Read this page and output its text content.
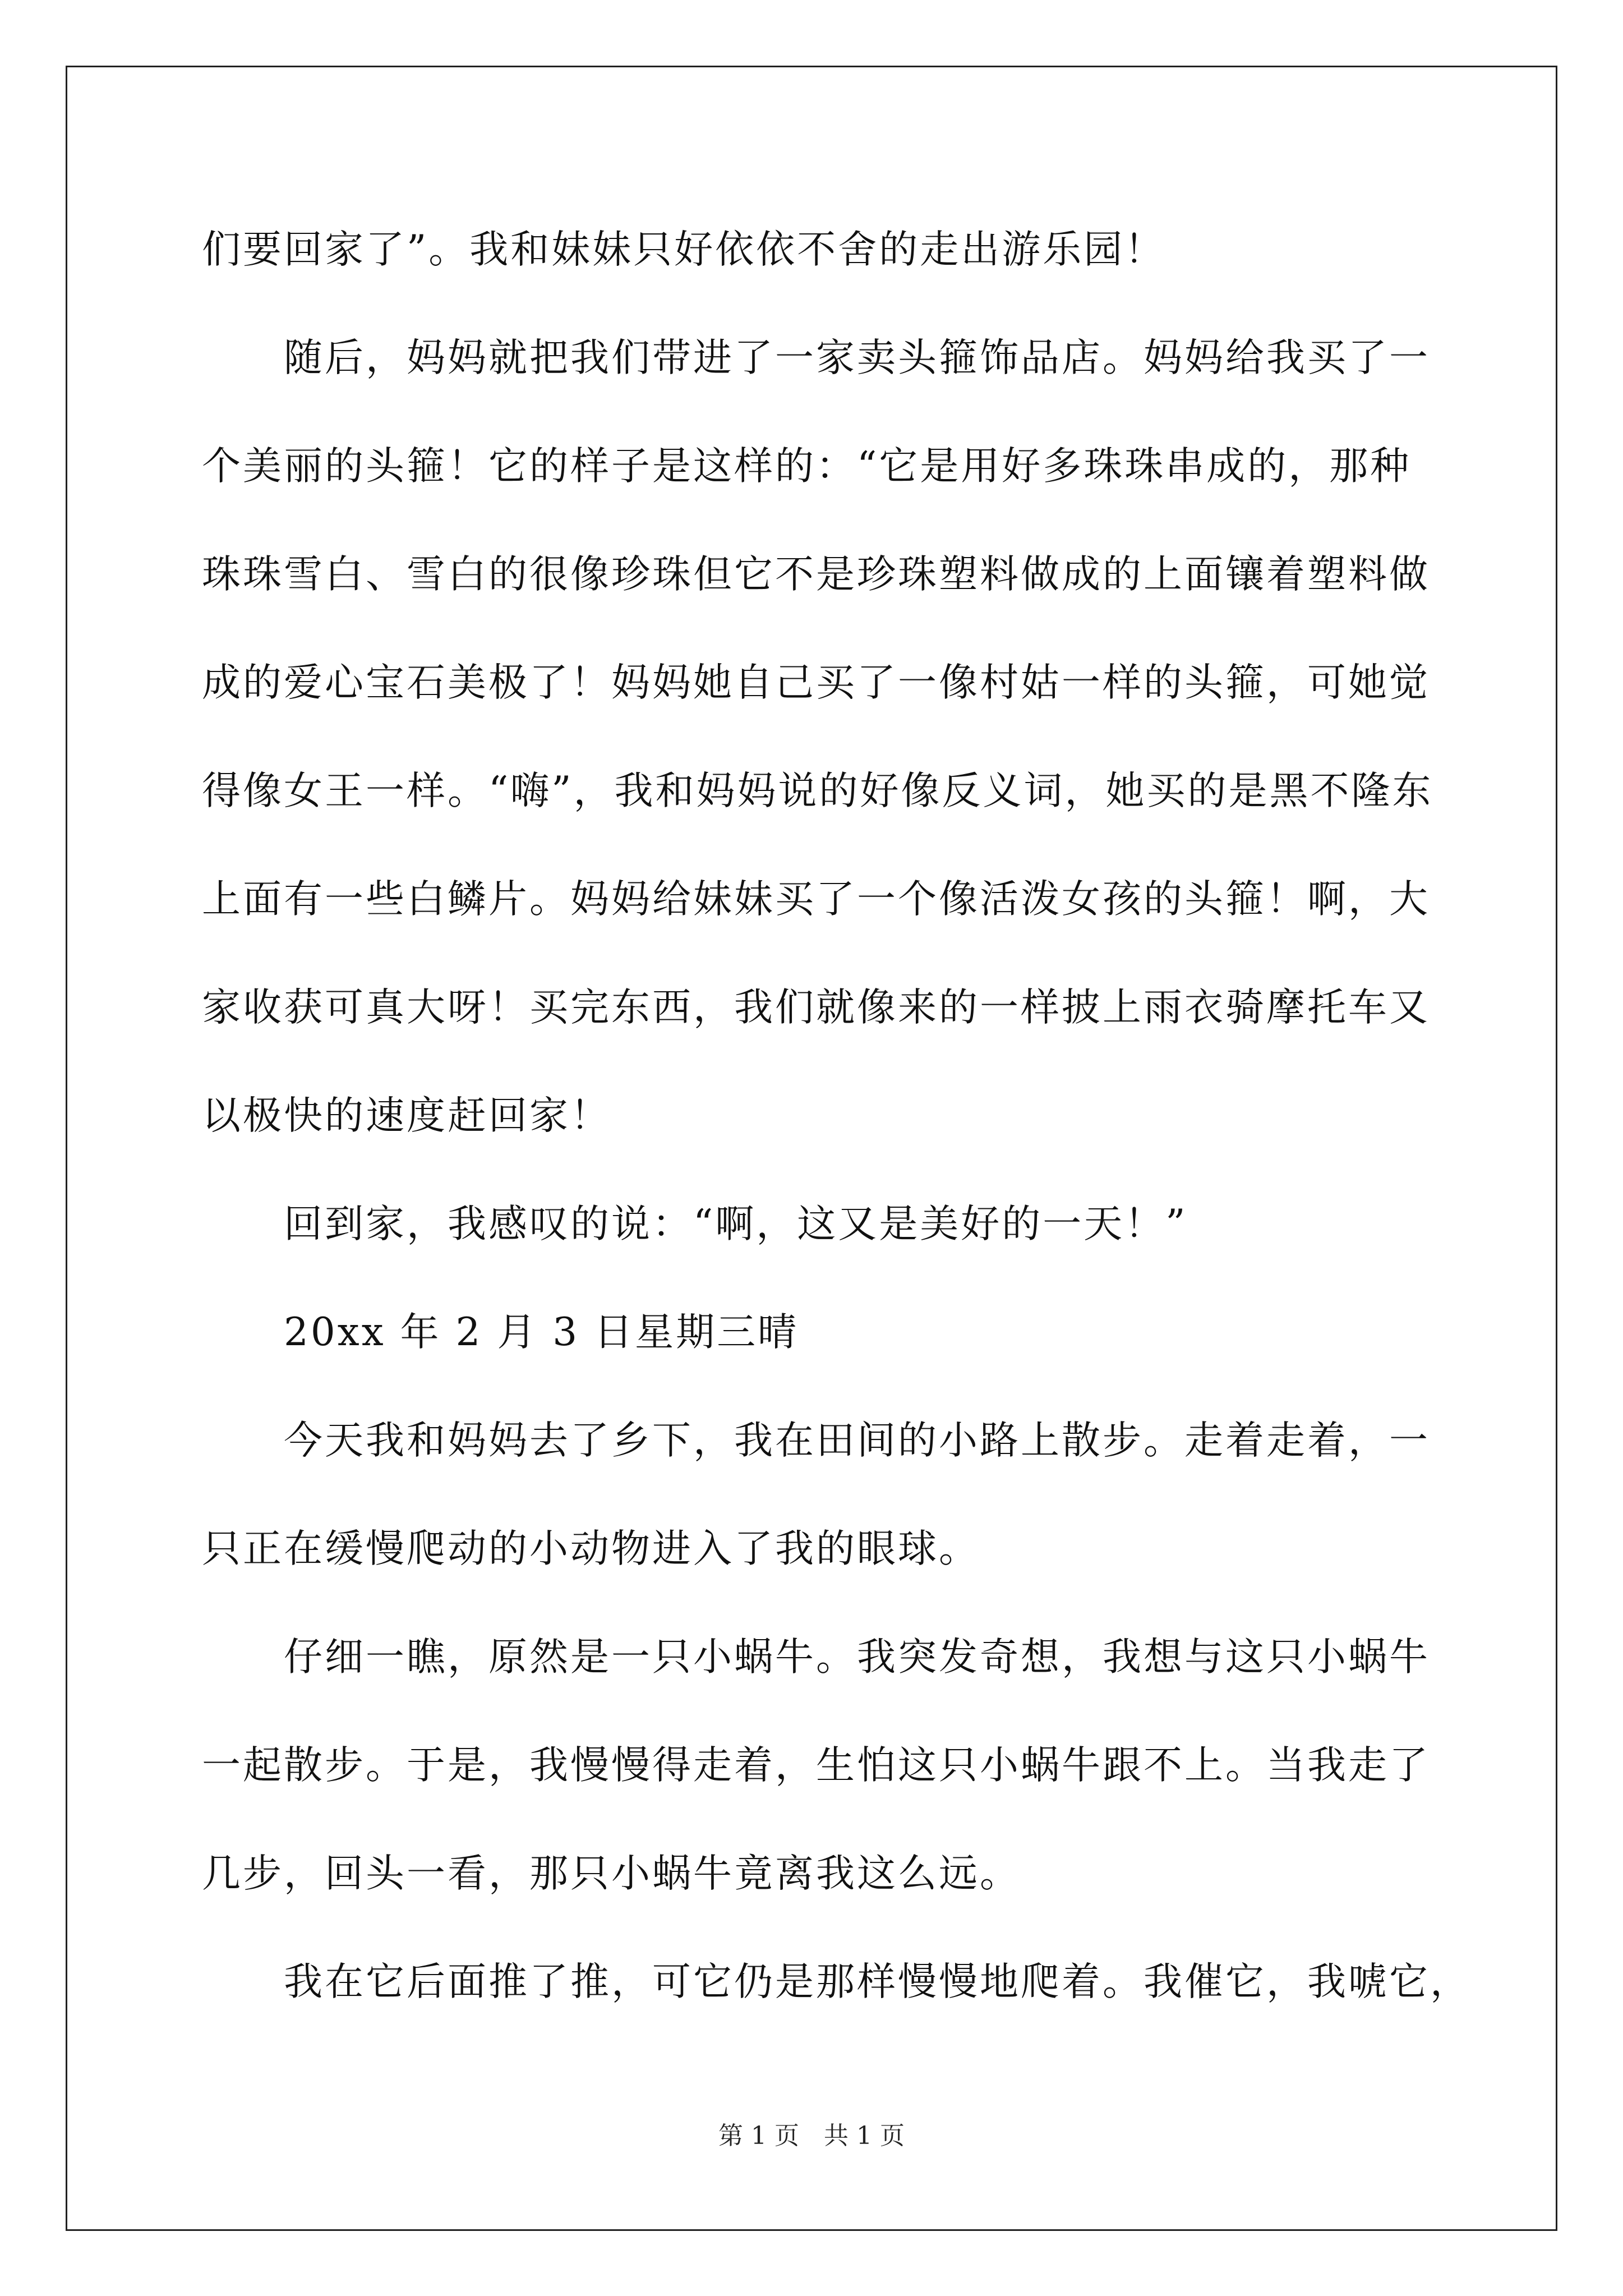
们要回家了”。我和妹妹只好依依不舍的走出游乐园！
　　随后，妈妈就把我们带进了一家卖头箍饰品店。妈妈给我买了一
个美丽的头箍！它的样子是这样的：“它是用好多珠珠串成的，那种
珠珠雪白、雪白的很像珍珠但它不是珍珠塑料做成的上面镶着塑料做
成的爱心宝石美极了！妈妈她自己买了一像村姑一样的头箍，可她觉
得像女王一样。“嗨”，我和妈妈说的好像反义词，她买的是黑不隆东
上面有一些白鳞片。妈妈给妹妹买了一个像活泼女孩的头箍！啊，大
家收获可真大呀！买完东西，我们就像来的一样披上雨衣骑摩托车又
以极快的速度赶回家！
　　回到家，我感叹的说：“啊，这又是美好的一天！”
　　20xx 年 2 月 3 日星期三晴
　　今天我和妈妈去了乡下，我在田间的小路上散步。走着走着，一
只正在缓慢爬动的小动物进入了我的眼球。
　　仔细一瞧，原然是一只小蜗牛。我突发奇想，我想与这只小蜗牛
一起散步。于是，我慢慢得走着，生怕这只小蜗牛跟不上。当我走了
几步，回头一看，那只小蜗牛竟离我这么远。
　　我在它后面推了推，可它仍是那样慢慢地爬着。我催它，我唬它，
第 1 页　共 1 页
